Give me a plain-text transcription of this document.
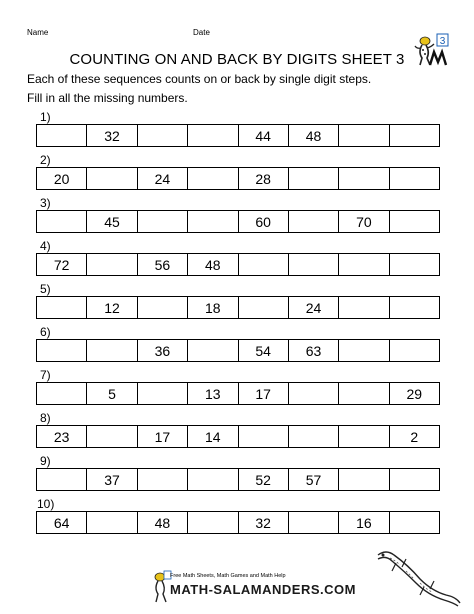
Name	Date
3
COUNTING ON AND BACK BY DIGITS SHEET 3
Each of these sequences counts on or back by single digit steps.
Fill in all the missing numbers.
1)
32	44	48
2)
20	24	28
3)
45	60	70
4)
72	56	48
5)
12	18	24
6)
36	54	63
7)
5	13	17	29
8)
23	17	14	2
9)
37	52	57
10)
64	48	32	16
Free Math Sheets, Math Games and Math Help
MATH-SALAMANDERS.COM
